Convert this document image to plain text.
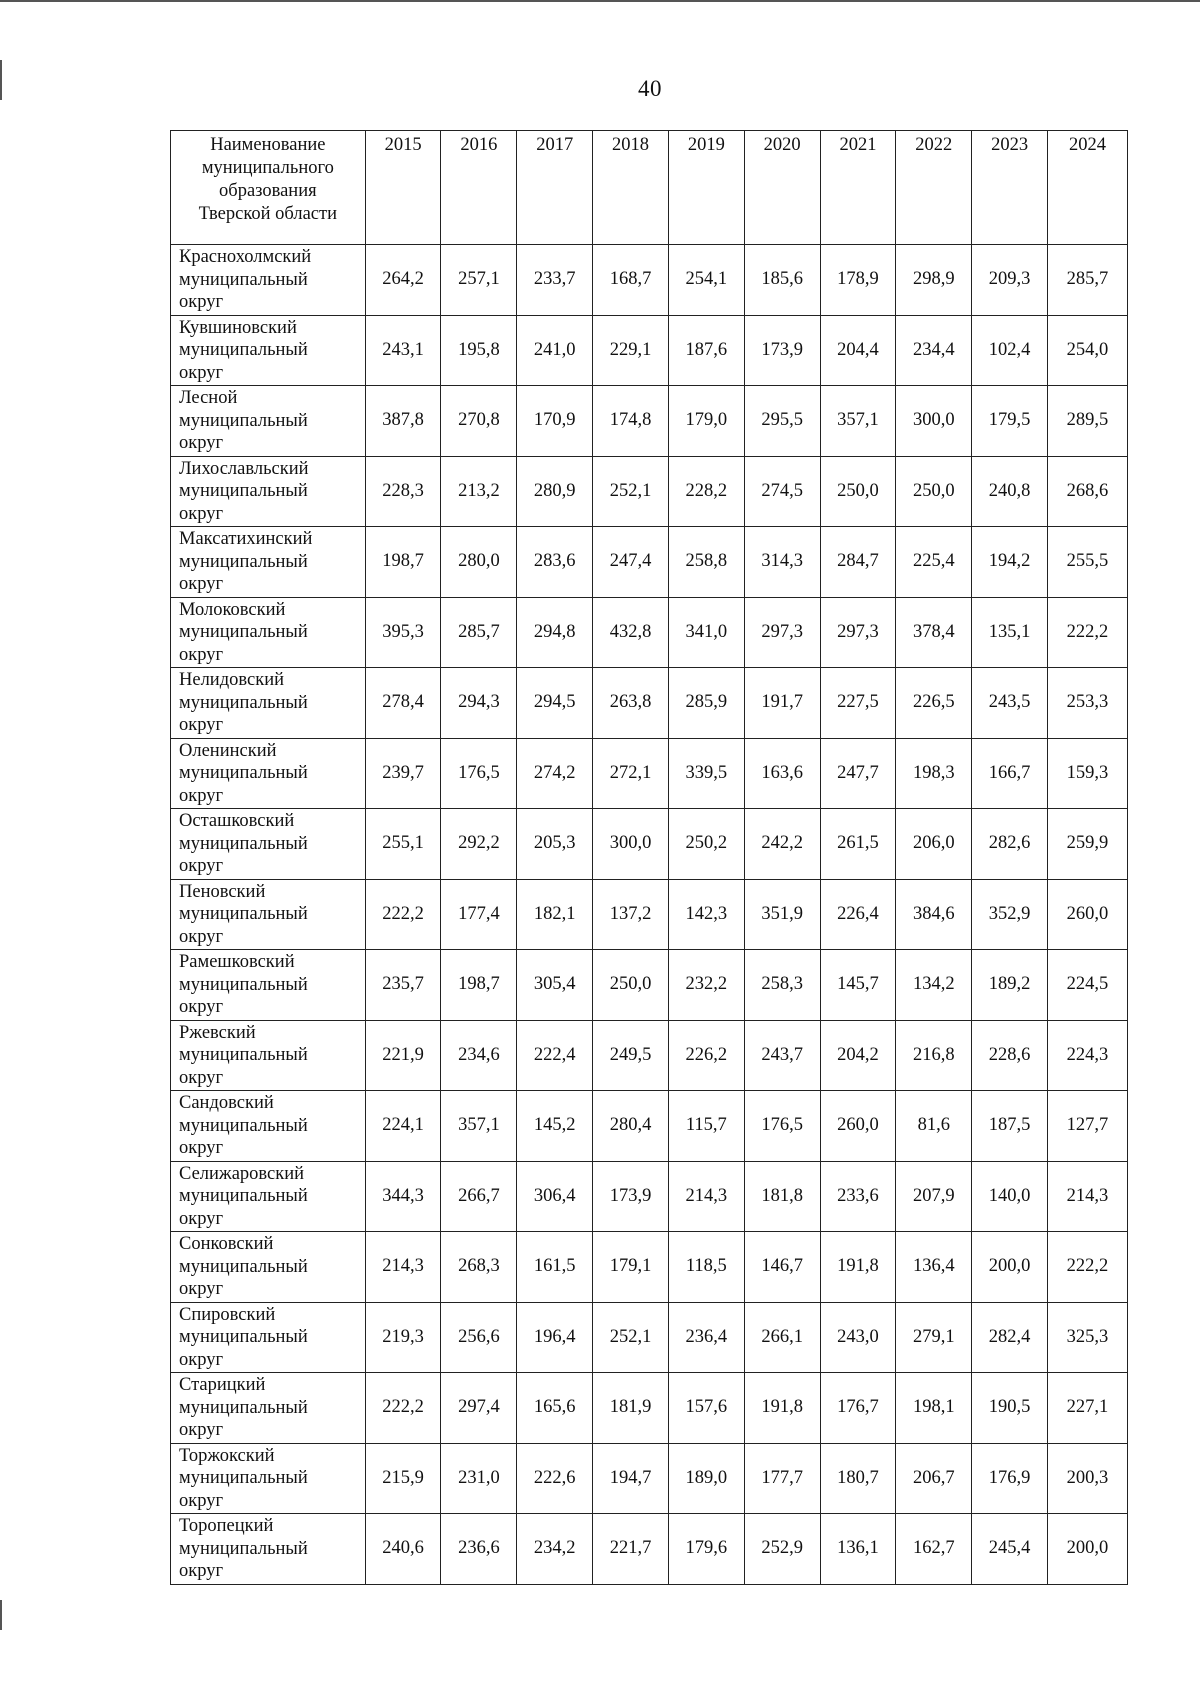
40
Наименование
муниципального
образования
Тверской области	2015	2016	2017	2018	2019	2020	2021	2022	2023	2024
Краснохолмский
муниципальный
округ	264,2	257,1	233,7	168,7	254,1	185,6	178,9	298,9	209,3	285,7
Кувшиновский
муниципальный
округ	243,1	195,8	241,0	229,1	187,6	173,9	204,4	234,4	102,4	254,0
Лесной
муниципальный
округ	387,8	270,8	170,9	174,8	179,0	295,5	357,1	300,0	179,5	289,5
Лихославльский
муниципальный
округ	228,3	213,2	280,9	252,1	228,2	274,5	250,0	250,0	240,8	268,6
Максатихинский
муниципальный
округ	198,7	280,0	283,6	247,4	258,8	314,3	284,7	225,4	194,2	255,5
Молоковский
муниципальный
округ	395,3	285,7	294,8	432,8	341,0	297,3	297,3	378,4	135,1	222,2
Нелидовский
муниципальный
округ	278,4	294,3	294,5	263,8	285,9	191,7	227,5	226,5	243,5	253,3
Оленинский
муниципальный
округ	239,7	176,5	274,2	272,1	339,5	163,6	247,7	198,3	166,7	159,3
Осташковский
муниципальный
округ	255,1	292,2	205,3	300,0	250,2	242,2	261,5	206,0	282,6	259,9
Пеновский
муниципальный
округ	222,2	177,4	182,1	137,2	142,3	351,9	226,4	384,6	352,9	260,0
Рамешковский
муниципальный
округ	235,7	198,7	305,4	250,0	232,2	258,3	145,7	134,2	189,2	224,5
Ржевский
муниципальный
округ	221,9	234,6	222,4	249,5	226,2	243,7	204,2	216,8	228,6	224,3
Сандовский
муниципальный
округ	224,1	357,1	145,2	280,4	115,7	176,5	260,0	81,6	187,5	127,7
Селижаровский
муниципальный
округ	344,3	266,7	306,4	173,9	214,3	181,8	233,6	207,9	140,0	214,3
Сонковский
муниципальный
округ	214,3	268,3	161,5	179,1	118,5	146,7	191,8	136,4	200,0	222,2
Спировский
муниципальный
округ	219,3	256,6	196,4	252,1	236,4	266,1	243,0	279,1	282,4	325,3
Старицкий
муниципальный
округ	222,2	297,4	165,6	181,9	157,6	191,8	176,7	198,1	190,5	227,1
Торжокский
муниципальный
округ	215,9	231,0	222,6	194,7	189,0	177,7	180,7	206,7	176,9	200,3
Торопецкий
муниципальный
округ	240,6	236,6	234,2	221,7	179,6	252,9	136,1	162,7	245,4	200,0
